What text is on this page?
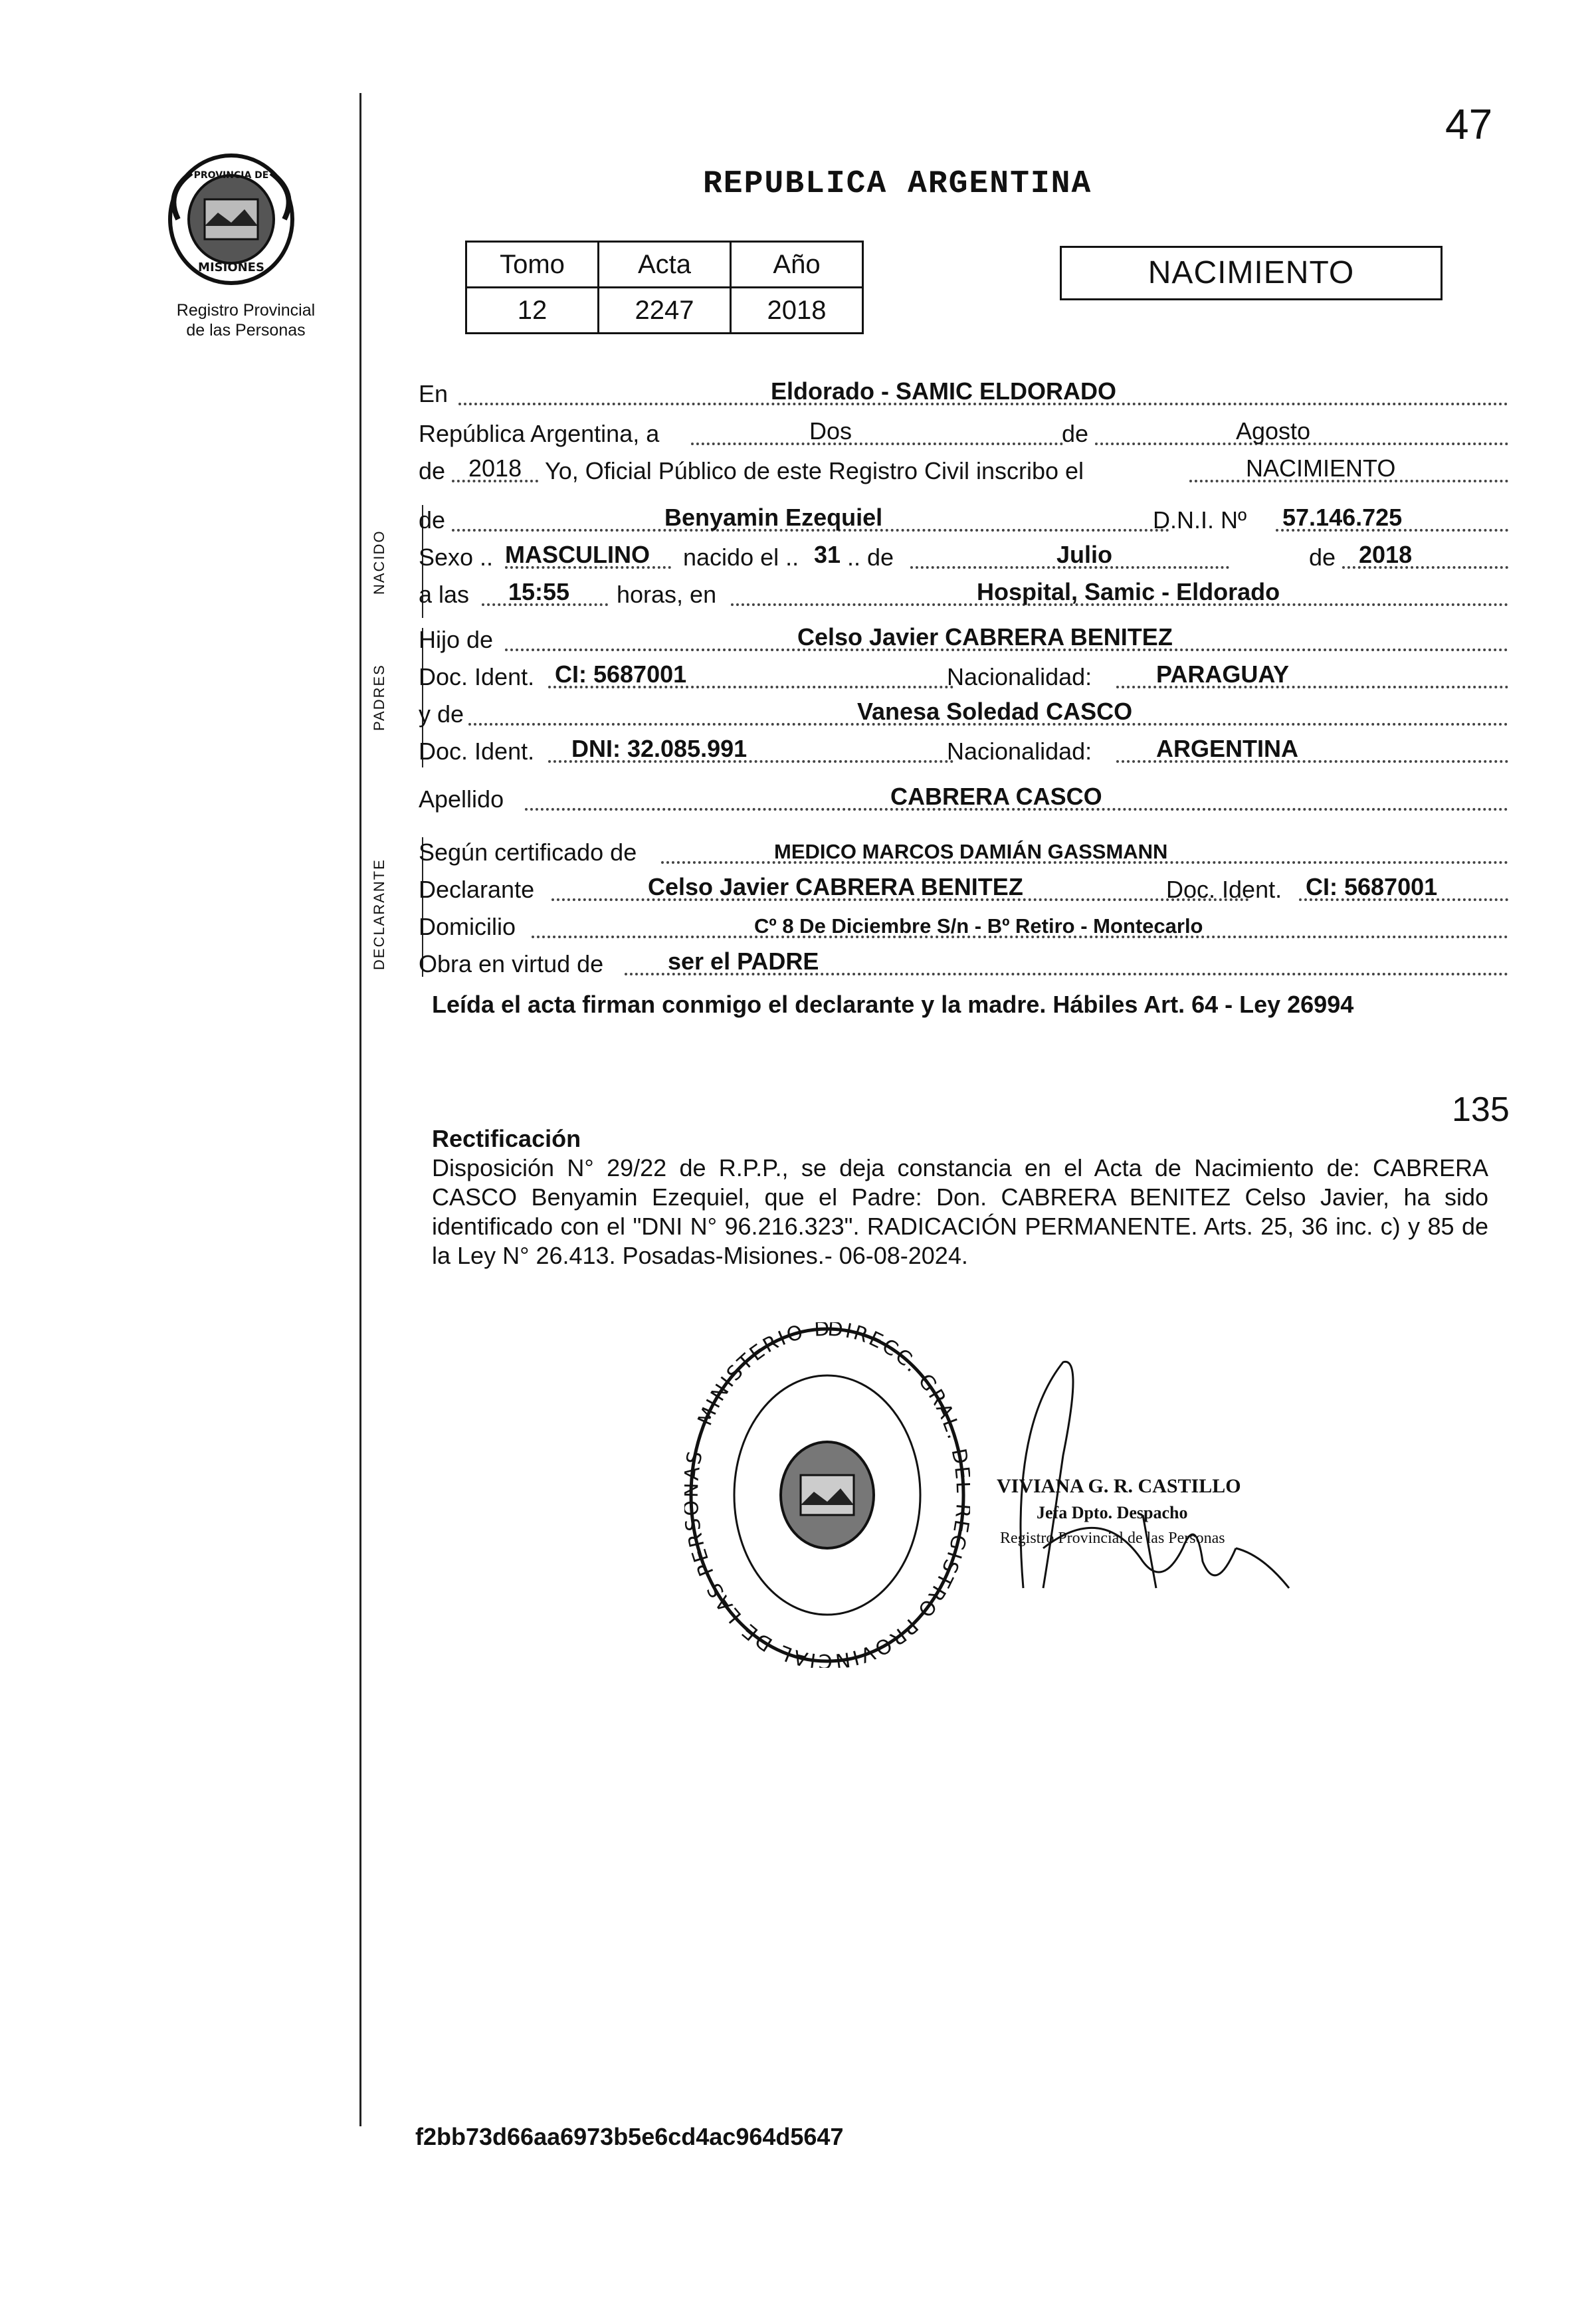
PROVINCIA DE
MISIONES
Registro Provincial
de las Personas
47
REPUBLICA ARGENTINA
Tomo	Acta	Año
12	2247	2018
NACIMIENTO
En	Eldorado - SAMIC ELDORADO
República Argentina, a	Dos	de	Agosto
de 2018 Yo, Oficial Público de este Registro Civil inscribo el	NACIMIENTO
NACIDO
de	Benyamin Ezequiel	D.N.I. Nº 57.146.725
Sexo .. MASCULINO nacido el .. 31 .. de	Julio	de 2018
a las 15:55 horas, en	Hospital, Samic - Eldorado
PADRES
Hijo de	Celso Javier CABRERA BENITEZ
Doc. Ident. CI: 5687001	Nacionalidad:	PARAGUAY
y de	Vanesa Soledad CASCO
Doc. Ident. DNI: 32.085.991	Nacionalidad:	ARGENTINA
Apellido	CABRERA CASCO
DECLARANTE
Según certificado de	MEDICO MARCOS DAMIÁN GASSMANN
Declarante	Celso Javier CABRERA BENITEZ	Doc. Ident. CI: 5687001
Domicilio	Cº 8 De Diciembre S/n - Bº Retiro - Montecarlo
Obra en virtud de	ser el PADRE
Leída el acta firman conmigo el declarante y la madre. Hábiles Art. 64 - Ley 26994
135
Rectificación
Disposición N° 29/22 de R.P.P., se deja constancia en el Acta de Nacimiento de: CABRERA CASCO Benyamin Ezequiel, que el Padre: Don. CABRERA BENITEZ Celso Javier, ha sido identificado con el "DNI N° 96.216.323". RADICACIÓN PERMANENTE. Arts. 25, 36 inc. c) y 85 de la Ley N° 26.413. Posadas-Misiones.- 06-08-2024.
DIRECC. GRAL. D GISTRO PROVINCIAL DE LAS PER S · MINISTERIO D
VIVIANA G. R. CASTILLO
Jefa Dpto. Despacho
Registro Provincial de las Personas
f2bb73d66aa6973b5e6cd4ac964d5647
